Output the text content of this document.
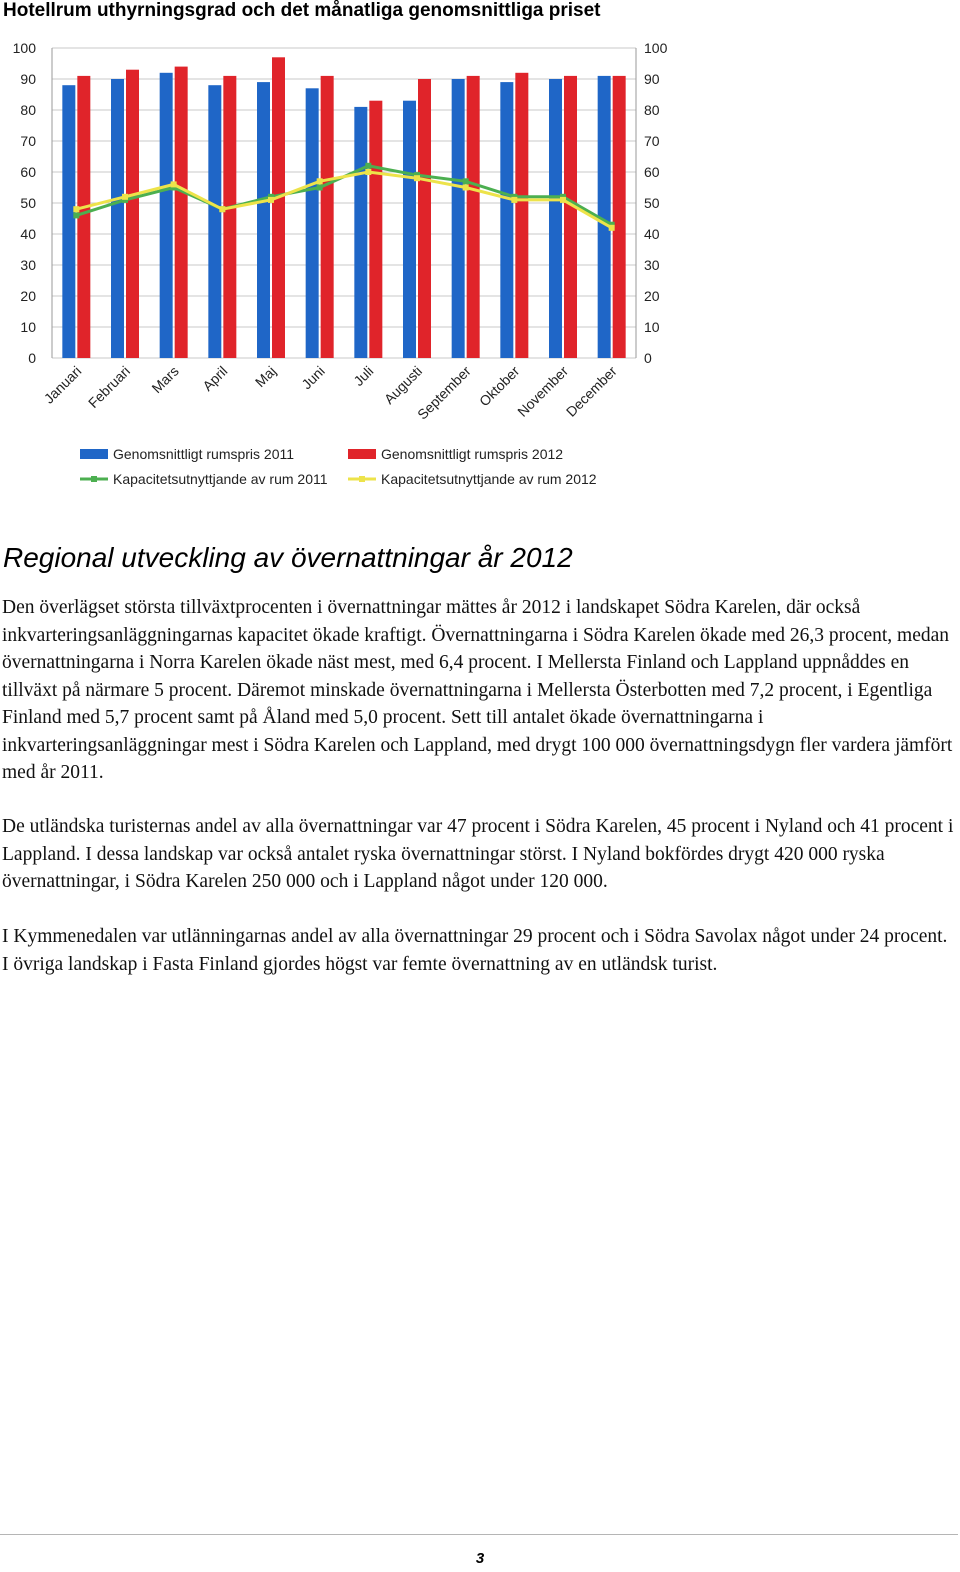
Hotellrum uthyrningsgrad och det månatliga genomsnittliga priset
0	0
10	10
20	20
30	30
40	40
50	50
60	60
70	70
80	80
90	90
100	100
Januari Februari Mars April Maj Juni Juli Augusti
September Oktober
November
December
Genomsnittligt rumspris 2011	Genomsnittligt rumspris 2012
Kapacitetsutnyttjande av rum 2011	Kapacitetsutnyttjande av rum 2012
Regional utveckling av övernattningar år 2012

Den överlägset största tillväxtprocenten i övernattningar mättes år 2012 i landskapet Södra Karelen, där också inkvarteringsanläggningarnas kapacitet ökade kraftigt. Övernattningarna i Södra Karelen ökade med 26,3 procent, medan övernattningarna i Norra Karelen ökade näst mest, med 6,4 procent. I Mellersta Finland och Lappland uppnåddes en tillväxt på närmare 5 procent. Däremot minskade övernattningarna i Mellersta Österbotten med 7,2 procent, i Egentliga Finland med 5,7 procent samt på Åland med 5,0 procent. Sett till antalet ökade övernattningarna i inkvarteringsanläggningar mest i Södra Karelen och Lappland, med drygt 100 000 övernattningsdygn fler vardera jämfört med år 2011.

De utländska turisternas andel av alla övernattningar var 47 procent i Södra Karelen, 45 procent i Nyland och 41 procent i Lappland. I dessa landskap var också antalet ryska övernattningar störst. I Nyland bokfördes drygt 420 000 ryska övernattningar, i Södra Karelen 250 000 och i Lappland något under 120 000.

I Kymmenedalen var utlänningarnas andel av alla övernattningar 29 procent och i Södra Savolax något under 24 procent. I övriga landskap i Fasta Finland gjordes högst var femte övernattning av en utländsk turist.

3
